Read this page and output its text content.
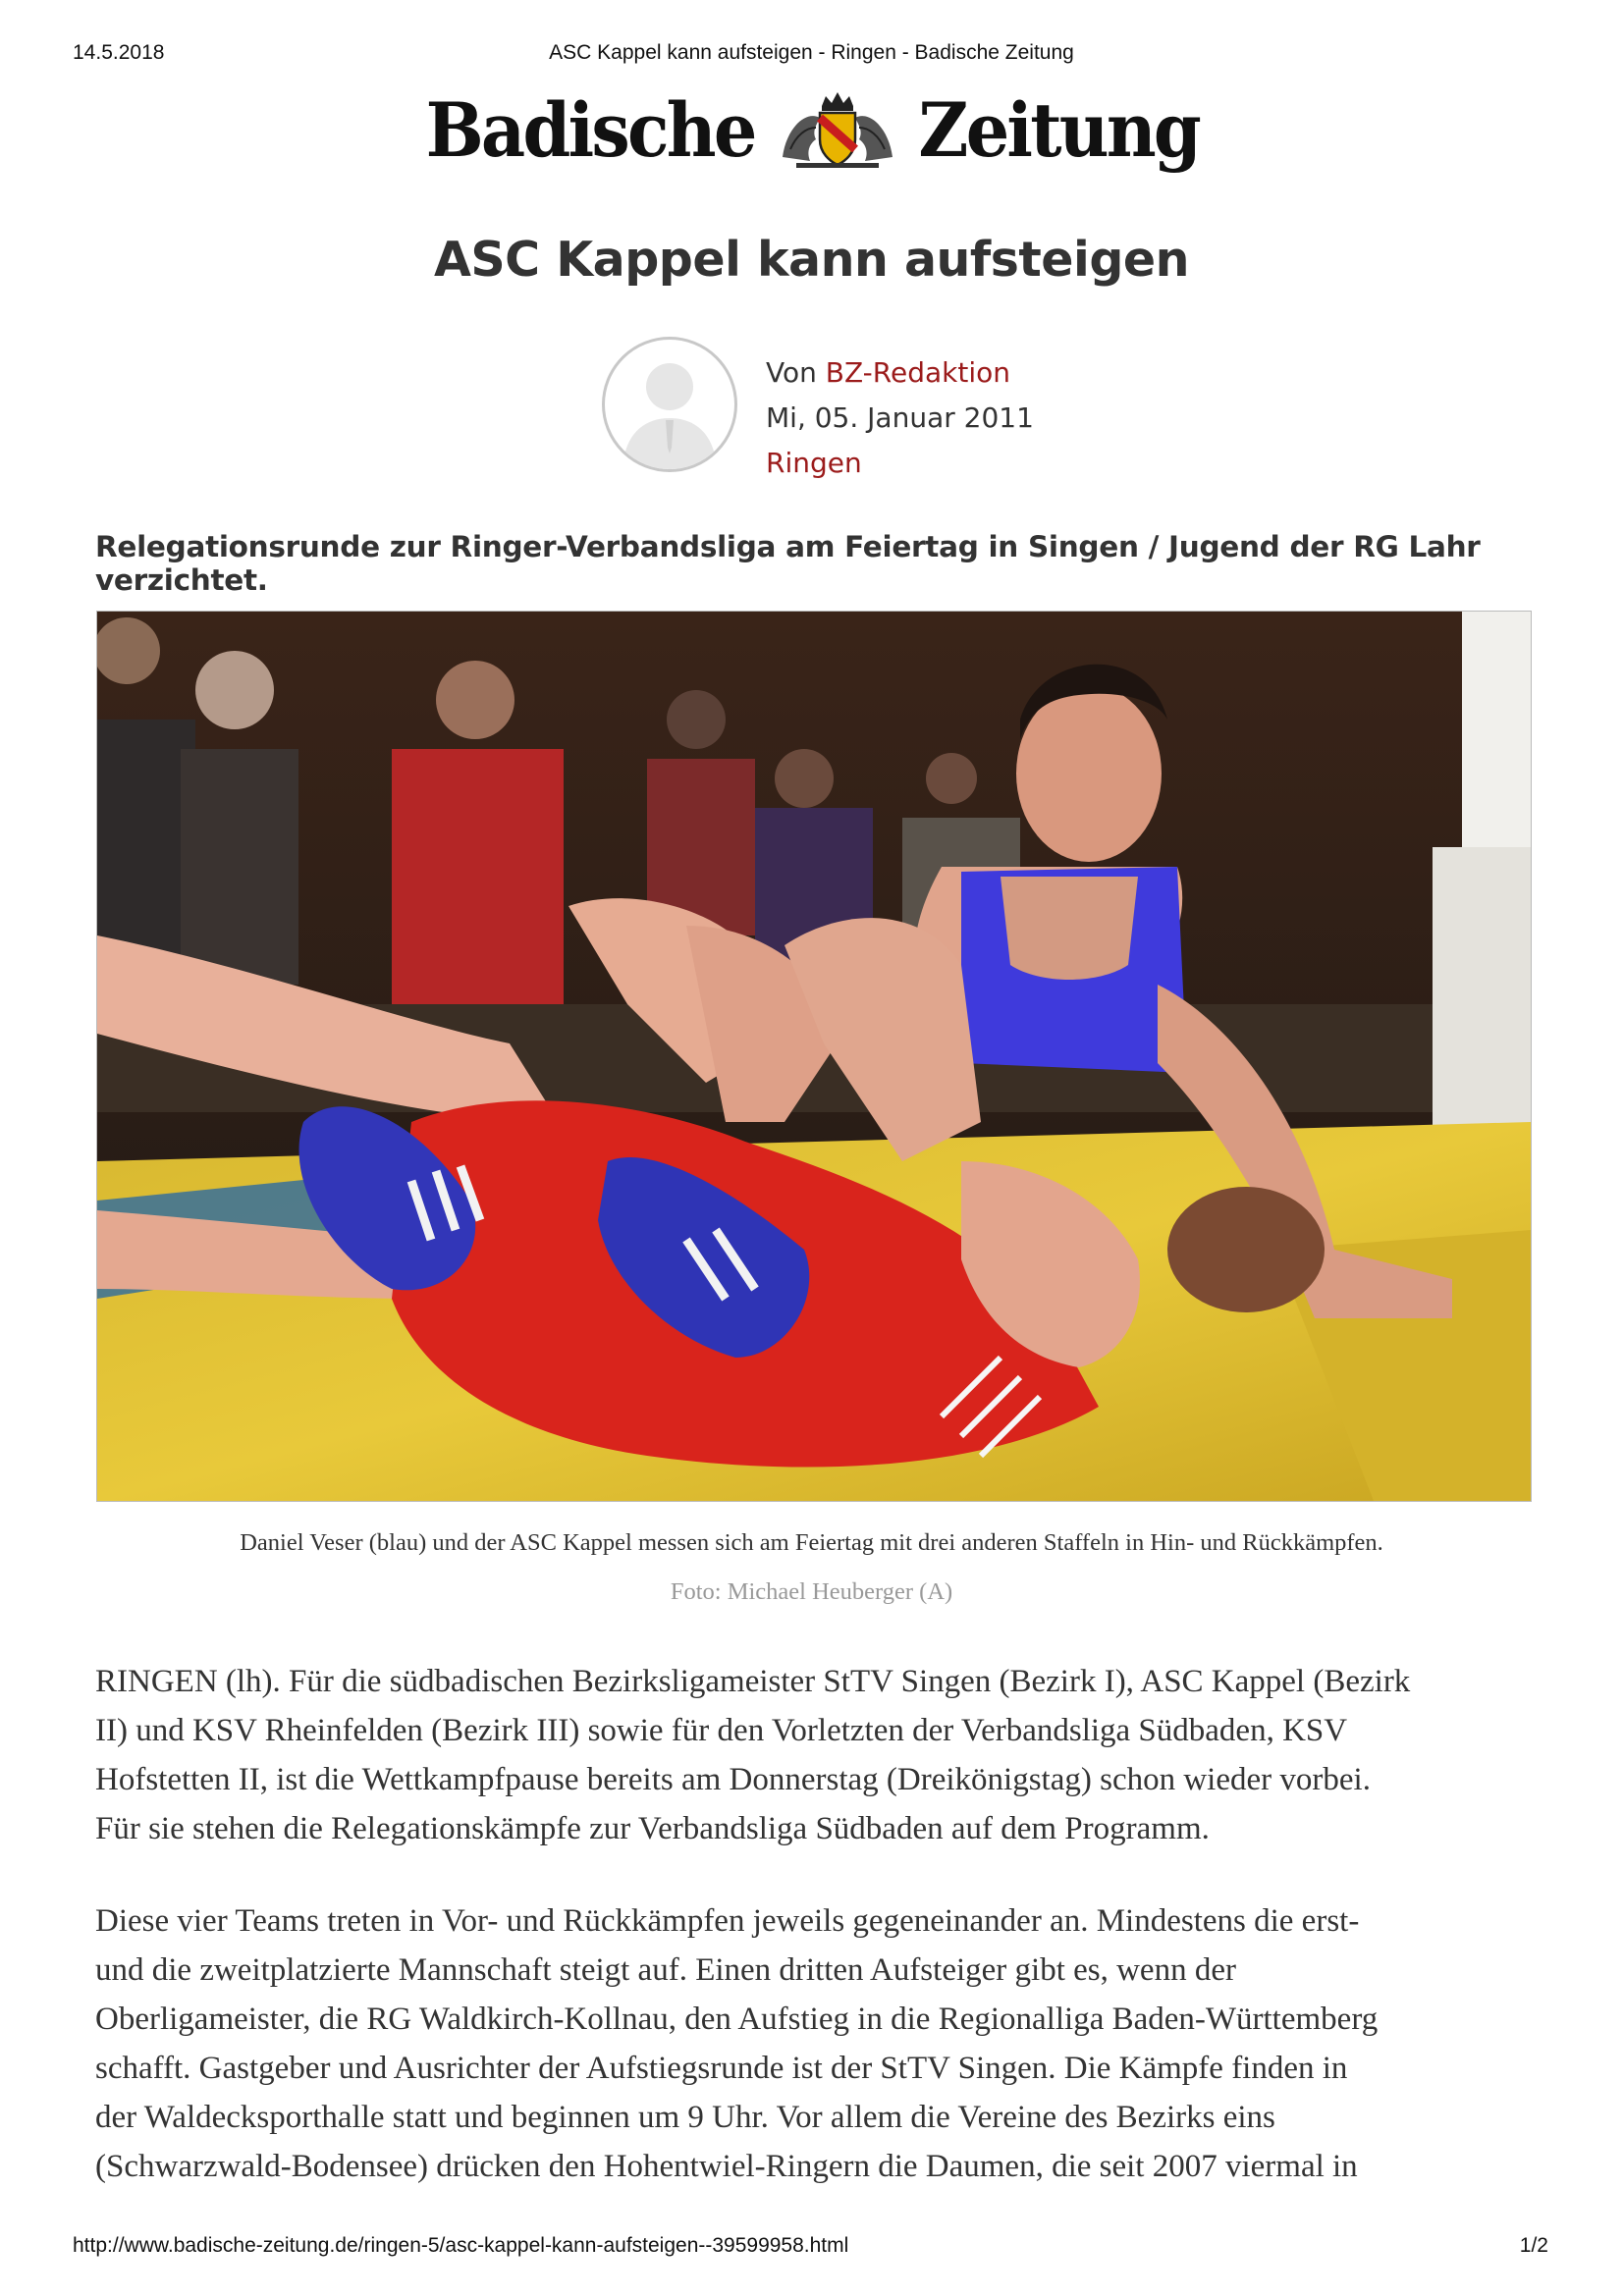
14.5.2018	ASC Kappel kann aufsteigen - Ringen - Badische Zeitung
Badische Zeitung
ASC Kappel kann aufsteigen
Von BZ-Redaktion
Mi, 05. Januar 2011
Ringen
Relegationsrunde zur Ringer-Verbandsliga am Feiertag in Singen / Jugend der RG Lahr verzichtet.
Daniel Veser (blau) und der ASC Kappel messen sich am Feiertag mit drei anderen Staffeln in Hin- und Rückkämpfen.
Foto: Michael Heuberger (A)
RINGEN (lh). Für die südbadischen Bezirksligameister StTV Singen (Bezirk I), ASC Kappel (Bezirk
II) und KSV Rheinfelden (Bezirk III) sowie für den Vorletzten der Verbandsliga Südbaden, KSV
Hofstetten II, ist die Wettkampfpause bereits am Donnerstag (Dreikönigstag) schon wieder vorbei.
Für sie stehen die Relegationskämpfe zur Verbandsliga Südbaden auf dem Programm.
Diese vier Teams treten in Vor- und Rückkämpfen jeweils gegeneinander an. Mindestens die erst-
und die zweitplatzierte Mannschaft steigt auf. Einen dritten Aufsteiger gibt es, wenn der
Oberligameister, die RG Waldkirch-Kollnau, den Aufstieg in die Regionalliga Baden-Württemberg
schafft. Gastgeber und Ausrichter der Aufstiegsrunde ist der StTV Singen. Die Kämpfe finden in
der Waldecksporthalle statt und beginnen um 9 Uhr. Vor allem die Vereine des Bezirks eins
(Schwarzwald-Bodensee) drücken den Hohentwiel-Ringern die Daumen, die seit 2007 viermal in
http://www.badische-zeitung.de/ringen-5/asc-kappel-kann-aufsteigen--39599958.html	1/2
